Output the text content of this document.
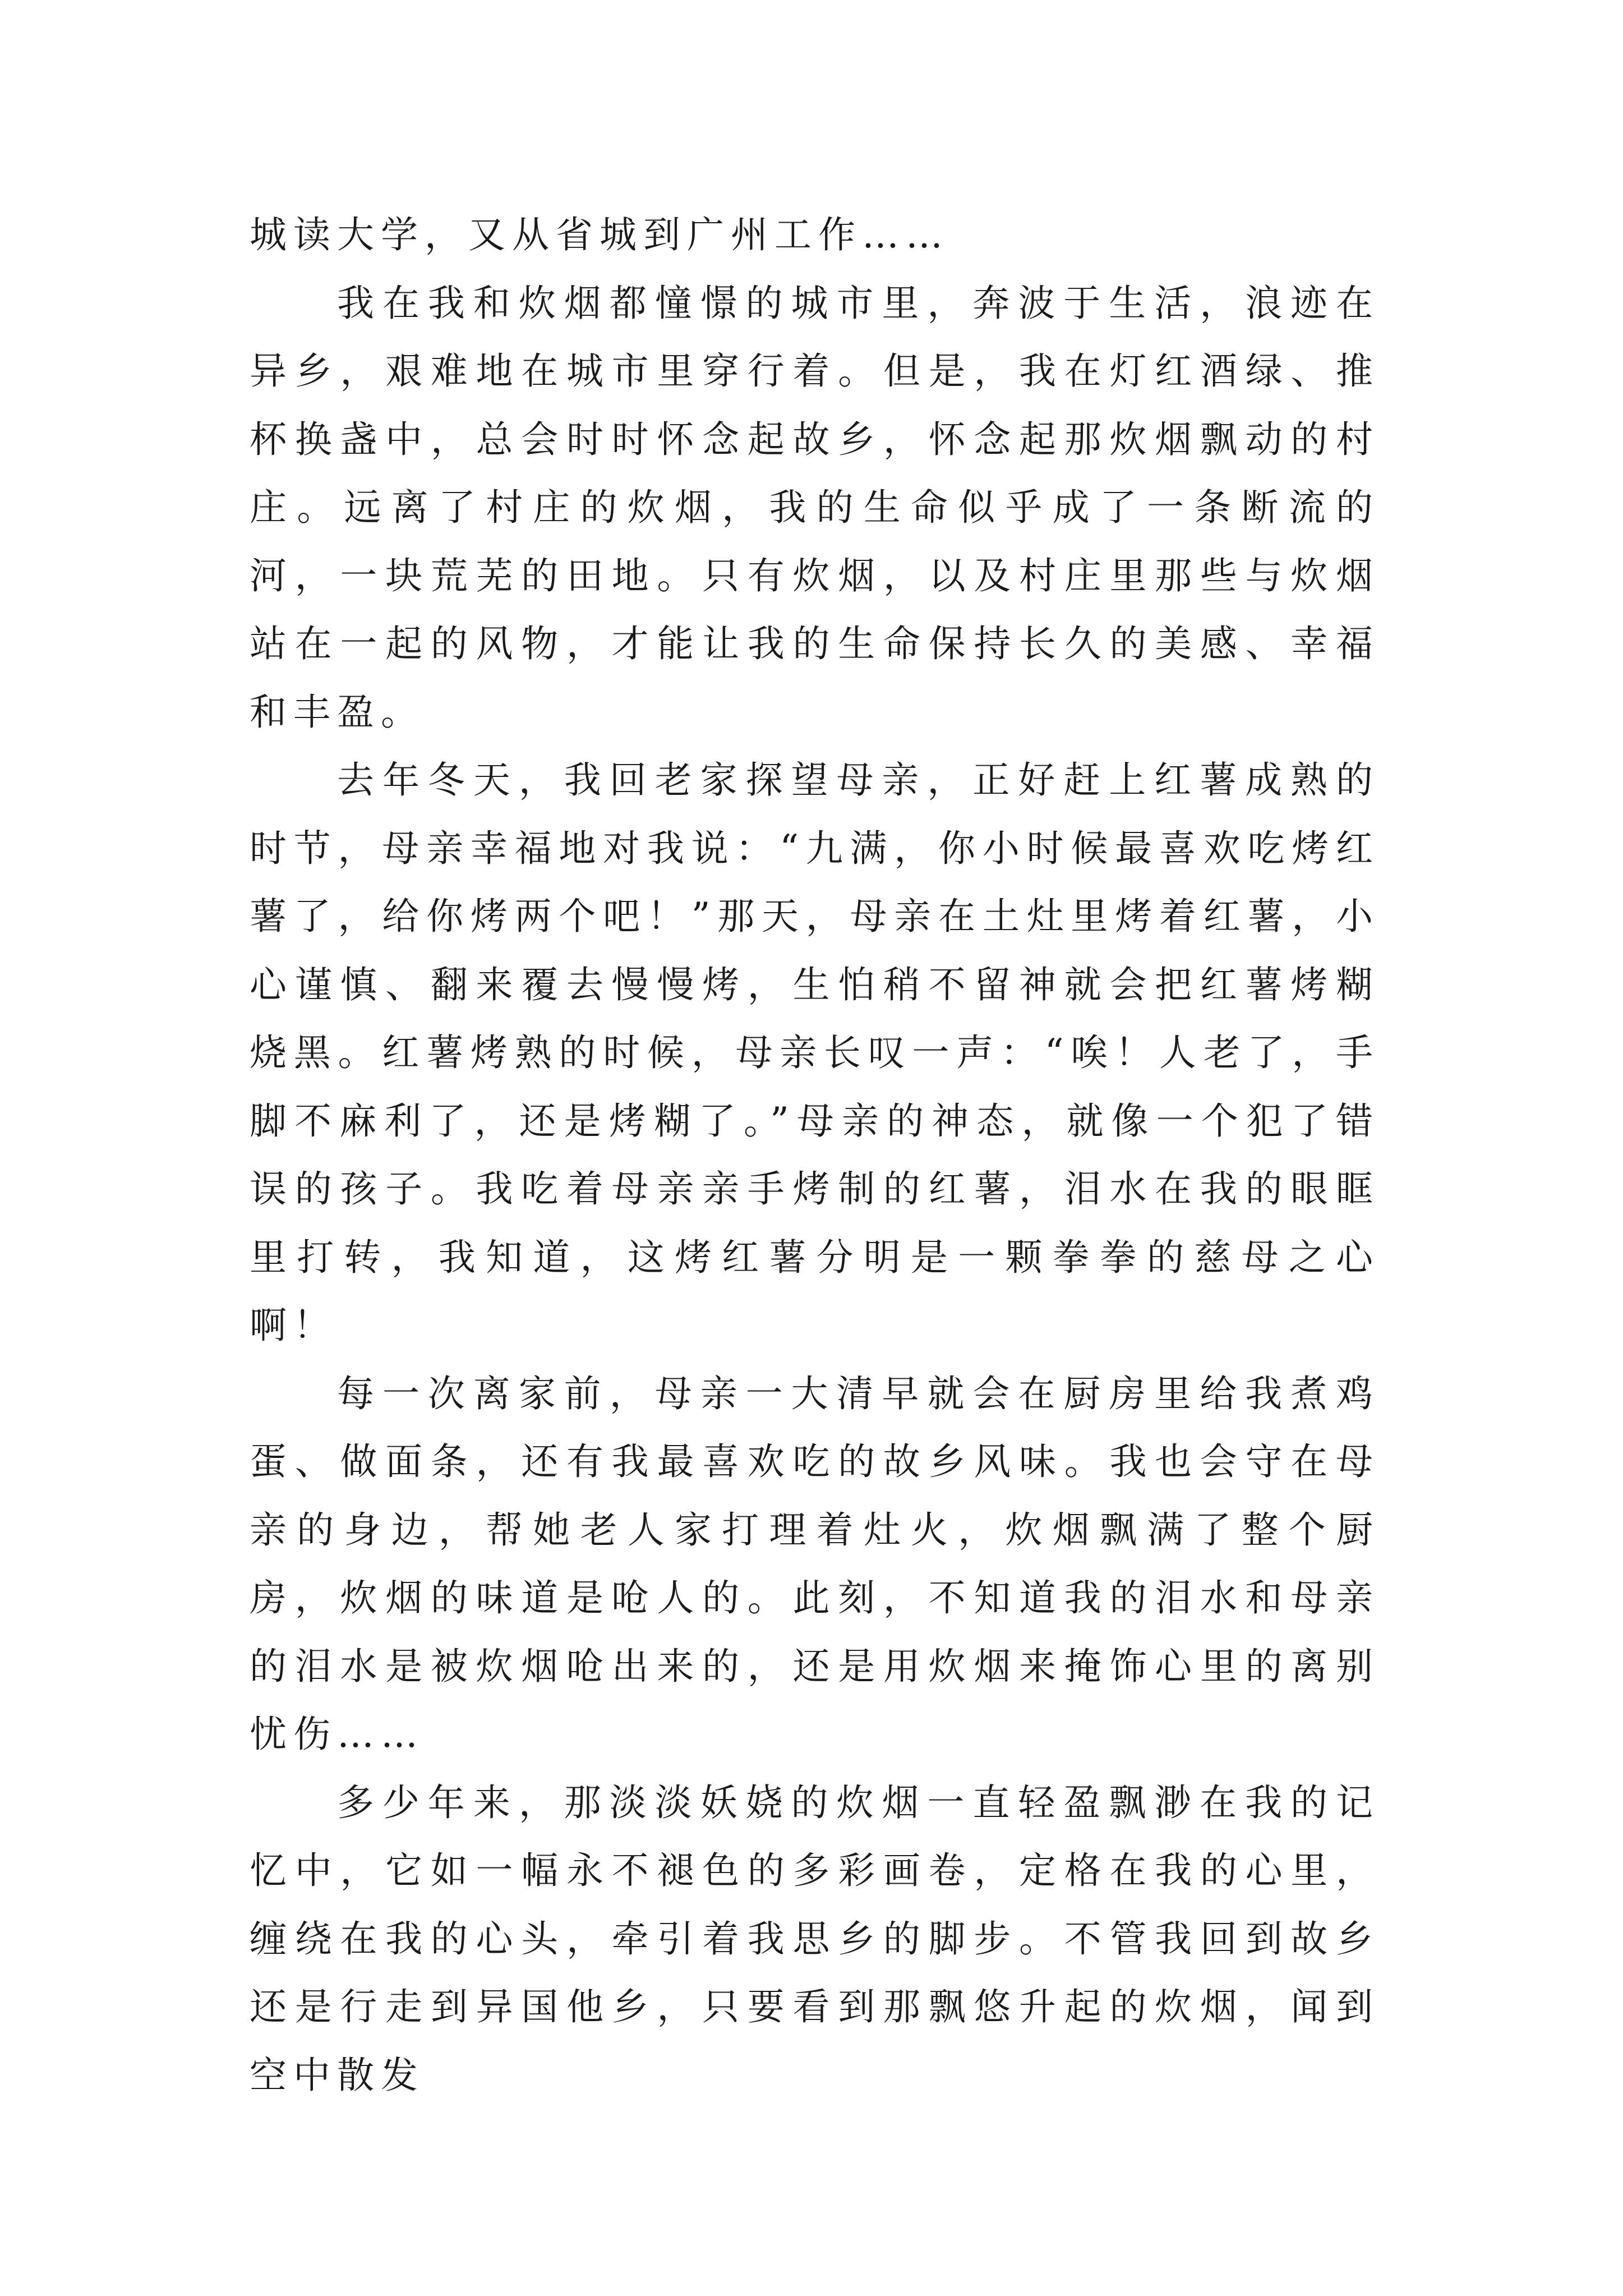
城读大学，又从省城到广州工作……

我在我和炊烟都憧憬的城市里，奔波于生活，浪迹在异乡，艰难地在城市里穿行着。但是，我在灯红酒绿、推杯换盏中，总会时时怀念起故乡，怀念起那炊烟飘动的村庄。远离了村庄的炊烟，我的生命似乎成了一条断流的河，一块荒芜的田地。只有炊烟，以及村庄里那些与炊烟站在一起的风物，才能让我的生命保持长久的美感、幸福和丰盈。

去年冬天，我回老家探望母亲，正好赶上红薯成熟的时节，母亲幸福地对我说：“九满，你小时候最喜欢吃烤红薯了，给你烤两个吧！”那天，母亲在土灶里烤着红薯，小心谨慎、翻来覆去慢慢烤，生怕稍不留神就会把红薯烤糊烧黑。红薯烤熟的时候，母亲长叹一声：“唉！人老了，手脚不麻利了，还是烤糊了。”母亲的神态，就像一个犯了错误的孩子。我吃着母亲亲手烤制的红薯，泪水在我的眼眶里打转，我知道，这烤红薯分明是一颗拳拳的慈母之心啊！

每一次离家前，母亲一大清早就会在厨房里给我煮鸡蛋、做面条，还有我最喜欢吃的故乡风味。我也会守在母亲的身边，帮她老人家打理着灶火，炊烟飘满了整个厨房，炊烟的味道是呛人的。此刻，不知道我的泪水和母亲的泪水是被炊烟呛出来的，还是用炊烟来掩饰心里的离别忧伤……

多少年来，那淡淡妖娆的炊烟一直轻盈飘渺在我的记忆中，它如一幅永不褪色的多彩画卷，定格在我的心里，缠绕在我的心头，牵引着我思乡的脚步。不管我回到故乡还是行走到异国他乡，只要看到那飘悠升起的炊烟，闻到空中散发
